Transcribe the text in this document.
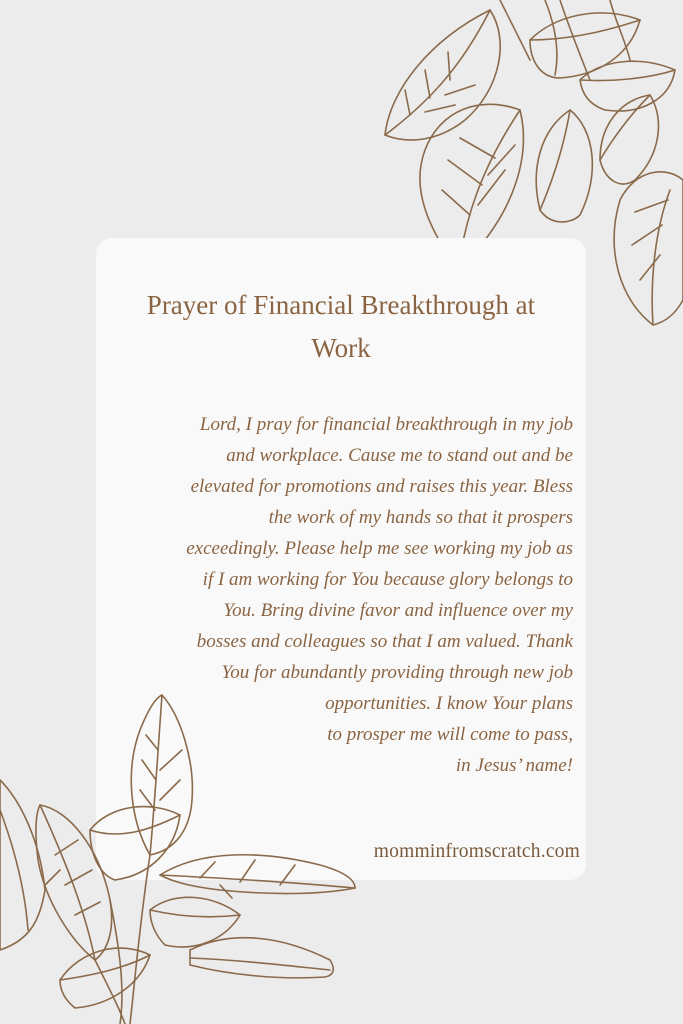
Prayer of Financial Breakthrough at Work

Lord, I pray for financial breakthrough in my job
and workplace. Cause me to stand out and be
elevated for promotions and raises this year. Bless
the work of my hands so that it prospers
exceedingly. Please help me see working my job as
if I am working for You because glory belongs to
You. Bring divine favor and influence over my
bosses and colleagues so that I am valued. Thank
You for abundantly providing through new job
opportunities. I know Your plans
to prosper me will come to pass,
in Jesus’ name!

momminfromscratch.com
